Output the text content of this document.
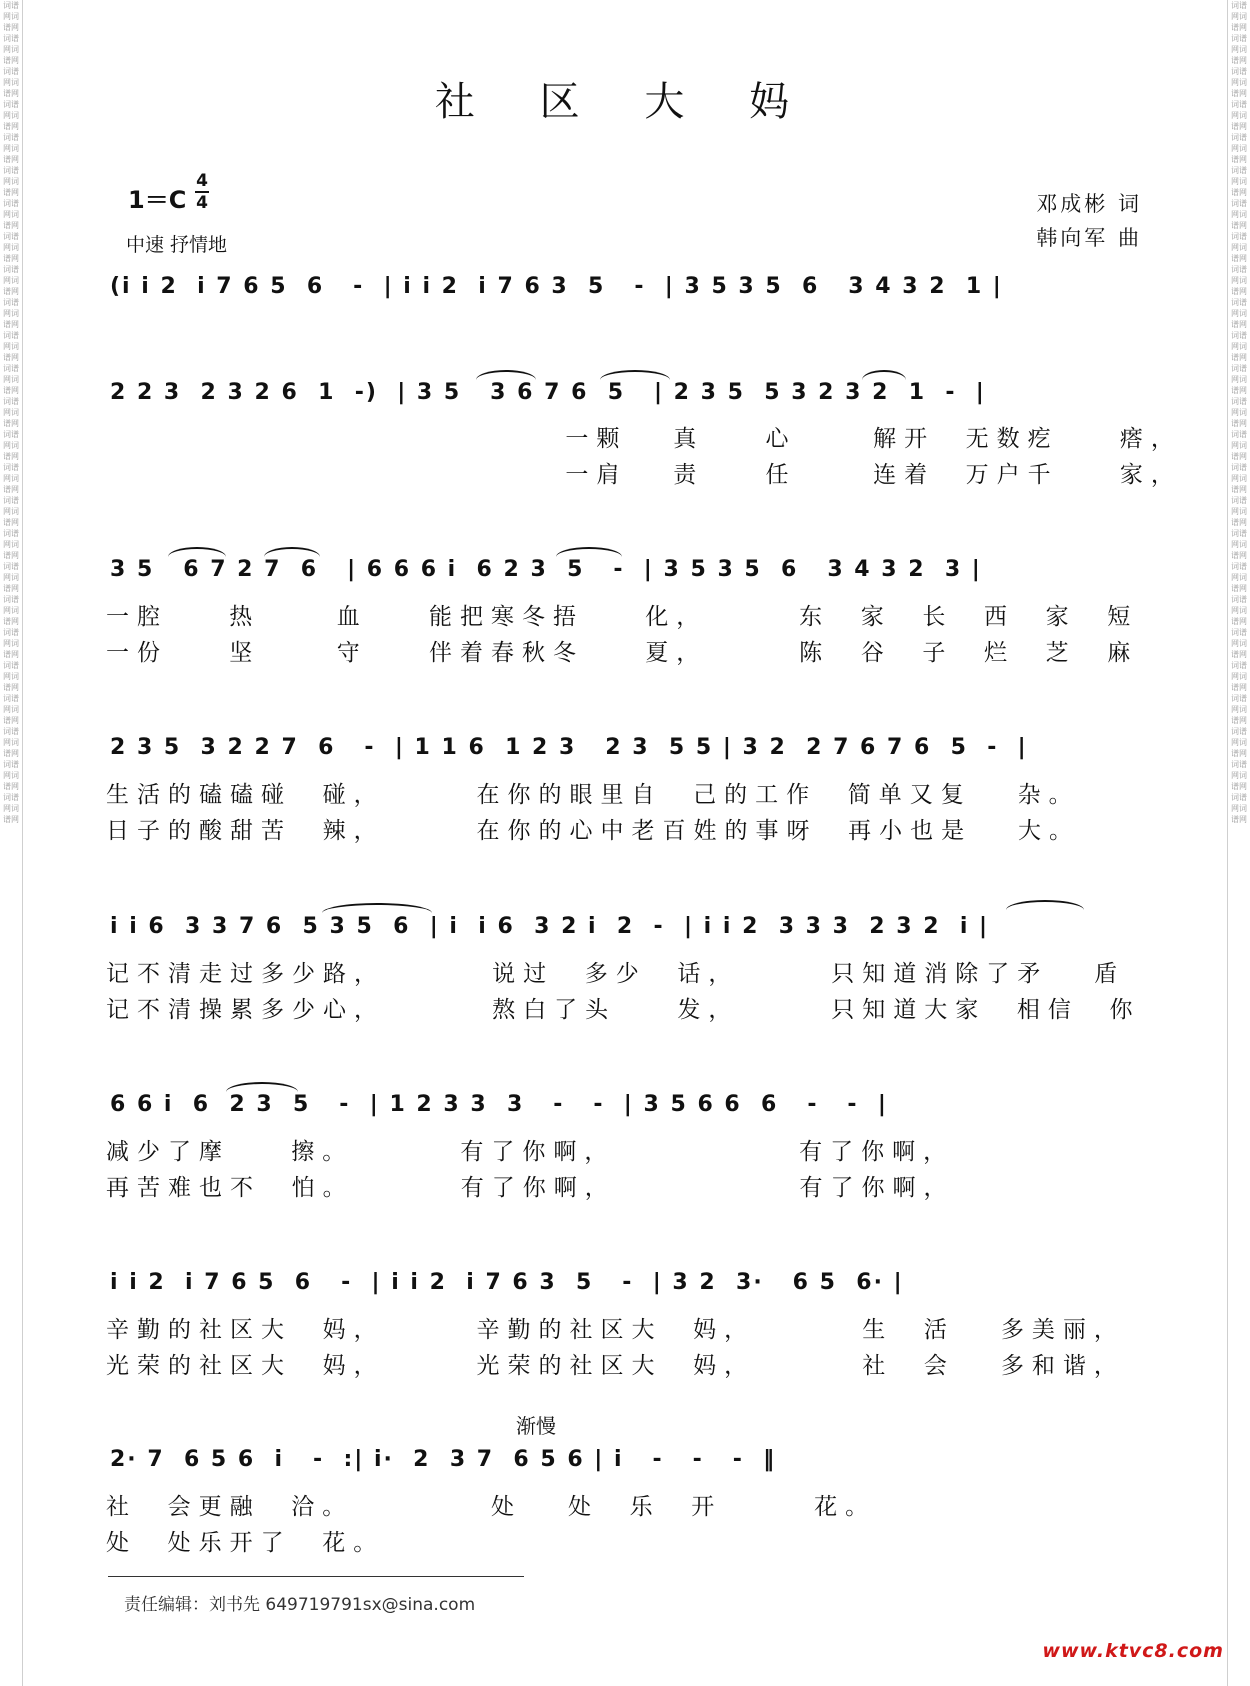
词谱网词谱网词谱网词谱网词谱网词谱网词谱网词谱网词谱网词谱网词谱网词谱网词谱网词谱网词谱网词谱网词谱网词谱网词谱网词谱网词谱网词谱网词谱网词谱网词谱网词谱网词谱网词谱网词谱网词谱网词谱网词谱网词谱网词谱网词谱网词谱网词谱网词谱网词谱网词谱网词谱网词谱网词谱网词谱网词谱网词谱网词谱网词谱网词谱网词谱网
词谱网词谱网词谱网词谱网词谱网词谱网词谱网词谱网词谱网词谱网词谱网词谱网词谱网词谱网词谱网词谱网词谱网词谱网词谱网词谱网词谱网词谱网词谱网词谱网词谱网词谱网词谱网词谱网词谱网词谱网词谱网词谱网词谱网词谱网词谱网词谱网词谱网词谱网词谱网词谱网词谱网词谱网词谱网词谱网词谱网词谱网词谱网词谱网词谱网词谱网
社 区 大 妈
1＝C
4
4
中速 抒情地
邓成彬 词
韩向军 曲
(i i 2  i 7 6 5  6   -  | i i 2  i 7 6 3  5   -  | 3 5 3 5  6   3 4 3 2  1 |
2 2 3  2 3 2 6  1  -)  | 3 5   3 6 7 6  5   | 2 3 5  5 3 2 3 2  1  -  |
一颗   真    心     解开  无数疙    瘩，
一肩   责    任     连着  万户千    家，
3 5   6 7 2 7  6   | 6 6 6 i  6 2 3  5   -  | 3 5 3 5  6   3 4 3 2  3 |
一腔    热     血    能把寒冬捂    化，      东  家  长  西  家  短
一份    坚     守    伴着春秋冬    夏，      陈  谷  子  烂  芝  麻
2 3 5  3 2 2 7  6   -  | 1 1 6  1 2 3   2 3  5 5 | 3 2  2 7 6 7 6  5  -  |
生活的磕磕碰  碰，      在你的眼里自  己的工作  简单又复   杂。
日子的酸甜苦  辣，      在你的心中老百姓的事呀  再小也是   大。
i i 6  3 3 7 6  5 3 5  6  | i  i 6  3 2 i  2  -  | i i 2  3 3 3  2 3 2  i |
记不清走过多少路，       说过  多少  话，      只知道消除了矛   盾
记不清操累多少心，       熬白了头    发，      只知道大家  相信  你
6 6 i  6  2 3  5   -  | 1 2 3 3  3   -   -  | 3 5 6 6  6   -   -  |
减少了摩    擦。       有了你啊，            有了你啊，
再苦难也不  怕。       有了你啊，            有了你啊，
i i 2  i 7 6 5  6   -  | i i 2  i 7 6 3  5   -  | 3 2  3·   6 5  6· |
辛勤的社区大  妈，      辛勤的社区大  妈，       生  活   多美丽，
光荣的社区大  妈，      光荣的社区大  妈，       社  会   多和谐，
渐慢
2· 7  6 5 6  i   -  :| i·  2  3 7  6 5 6 | i   -   -   -  ‖
社  会更融  洽。         处   处  乐  开      花。
处  处乐开了  花。
责任编辑：刘书先 649719791sx@sina.com
www.ktvc8.com
